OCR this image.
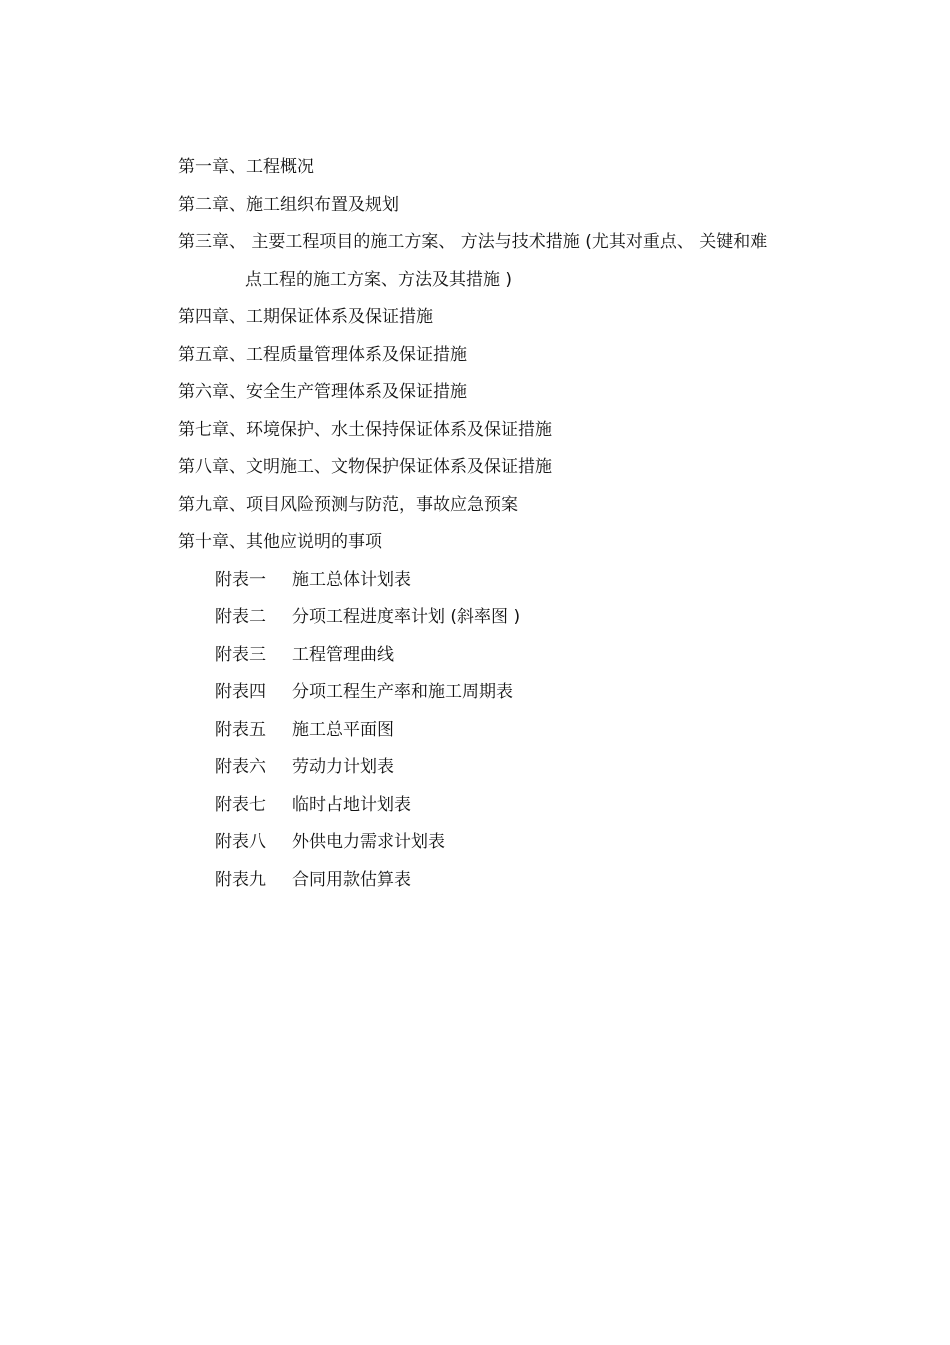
第一章、工程概况
第二章、施工组织布置及规划
第三章、 主要工程项目的施工方案、 方法与技术措施 (尤其对重点、 关键和难
点工程的施工方案、方法及其措施 )
第四章、工期保证体系及保证措施
第五章、工程质量管理体系及保证措施
第六章、安全生产管理体系及保证措施
第七章、环境保护、水土保持保证体系及保证措施
第八章、文明施工、文物保护保证体系及保证措施
第九章、项目风险预测与防范，事故应急预案
第十章、其他应说明的事项
附表一	施工总体计划表
附表二	分项工程进度率计划 (斜率图 )
附表三	工程管理曲线
附表四	分项工程生产率和施工周期表
附表五	施工总平面图
附表六	劳动力计划表
附表七	临时占地计划表
附表八	外供电力需求计划表
附表九	合同用款估算表
